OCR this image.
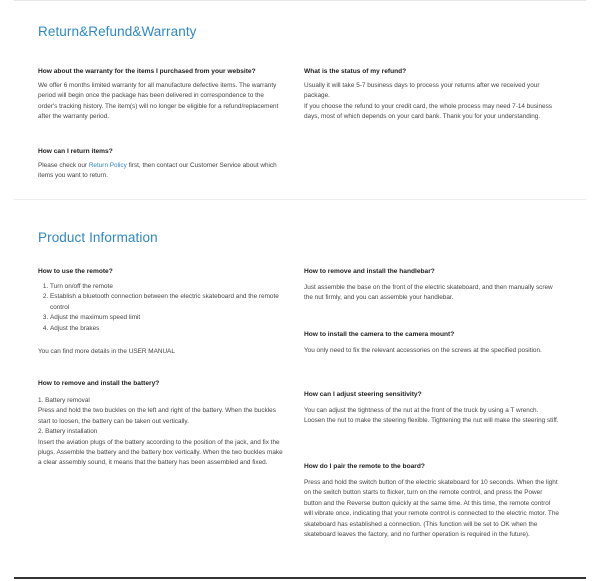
Return&Refund&Warranty
How about the warranty for the items I purchased from your website?

We offer 6 months limited warranty for all manufacture defective items. The warranty period will begin once the package has been delivered in correspondence to the order's tracking history. The item(s) will no longer be eligible for a refund/replacement after the warranty period.

How can I return items?

Please check our Return Policy first, then contact our Customer Service about which items you want to return.

What is the status of my refund?

Usually it will take 5-7 business days to process your returns after we received your package.

If you choose the refund to your credit card, the whole process may need 7-14 business days, most of which depends on your card bank. Thank you for your understanding.

Product Information
How to use the remote?
1. Turn on/off the remote
2. Establish a bluetooth connection between the electric skateboard and the remote control
3. Adjust the maximum speed limit
4. Adjust the brakes
You can find more details in the USER MANUAL
How to remove and install the battery?

1. Battery removal

Press and hold the two buckles on the left and right of the battery. When the buckles start to loosen, the battery can be taken out vertically.

2. Battery installation

Insert the aviation plugs of the battery according to the position of the jack, and fix the plugs. Assemble the battery and the battery box vertically. When the two buckles make a clear assembly sound, it means that the battery has been assembled and fixed.

How to remove and install the handlebar?
Just assemble the base on the front of the electric skateboard, and then manually screw the nut firmly, and you can assemble your handlebar.
How to install the camera to the camera mount?
You only need to fix the relevant accessories on the screws at the specified position.
How can I adjust steering sensitivity?
You can adjust the tightness of the nut at the front of the truck by using a T wrench. Loosen the nut to make the steering flexible. Tightening the nut will make the steering stiff.
How do I pair the remote to the board?
Press and hold the switch button of the electric skateboard for 10 seconds. When the light on the switch button starts to flicker, turn on the remote control, and press the Power button and the Reverse button quickly at the same time. At this time, the remote control will vibrate once, indicating that your remote control is connected to the electric motor. The skateboard has established a connection. (This function will be set to OK when the skateboard leaves the factory, and no further operation is required in the future).
